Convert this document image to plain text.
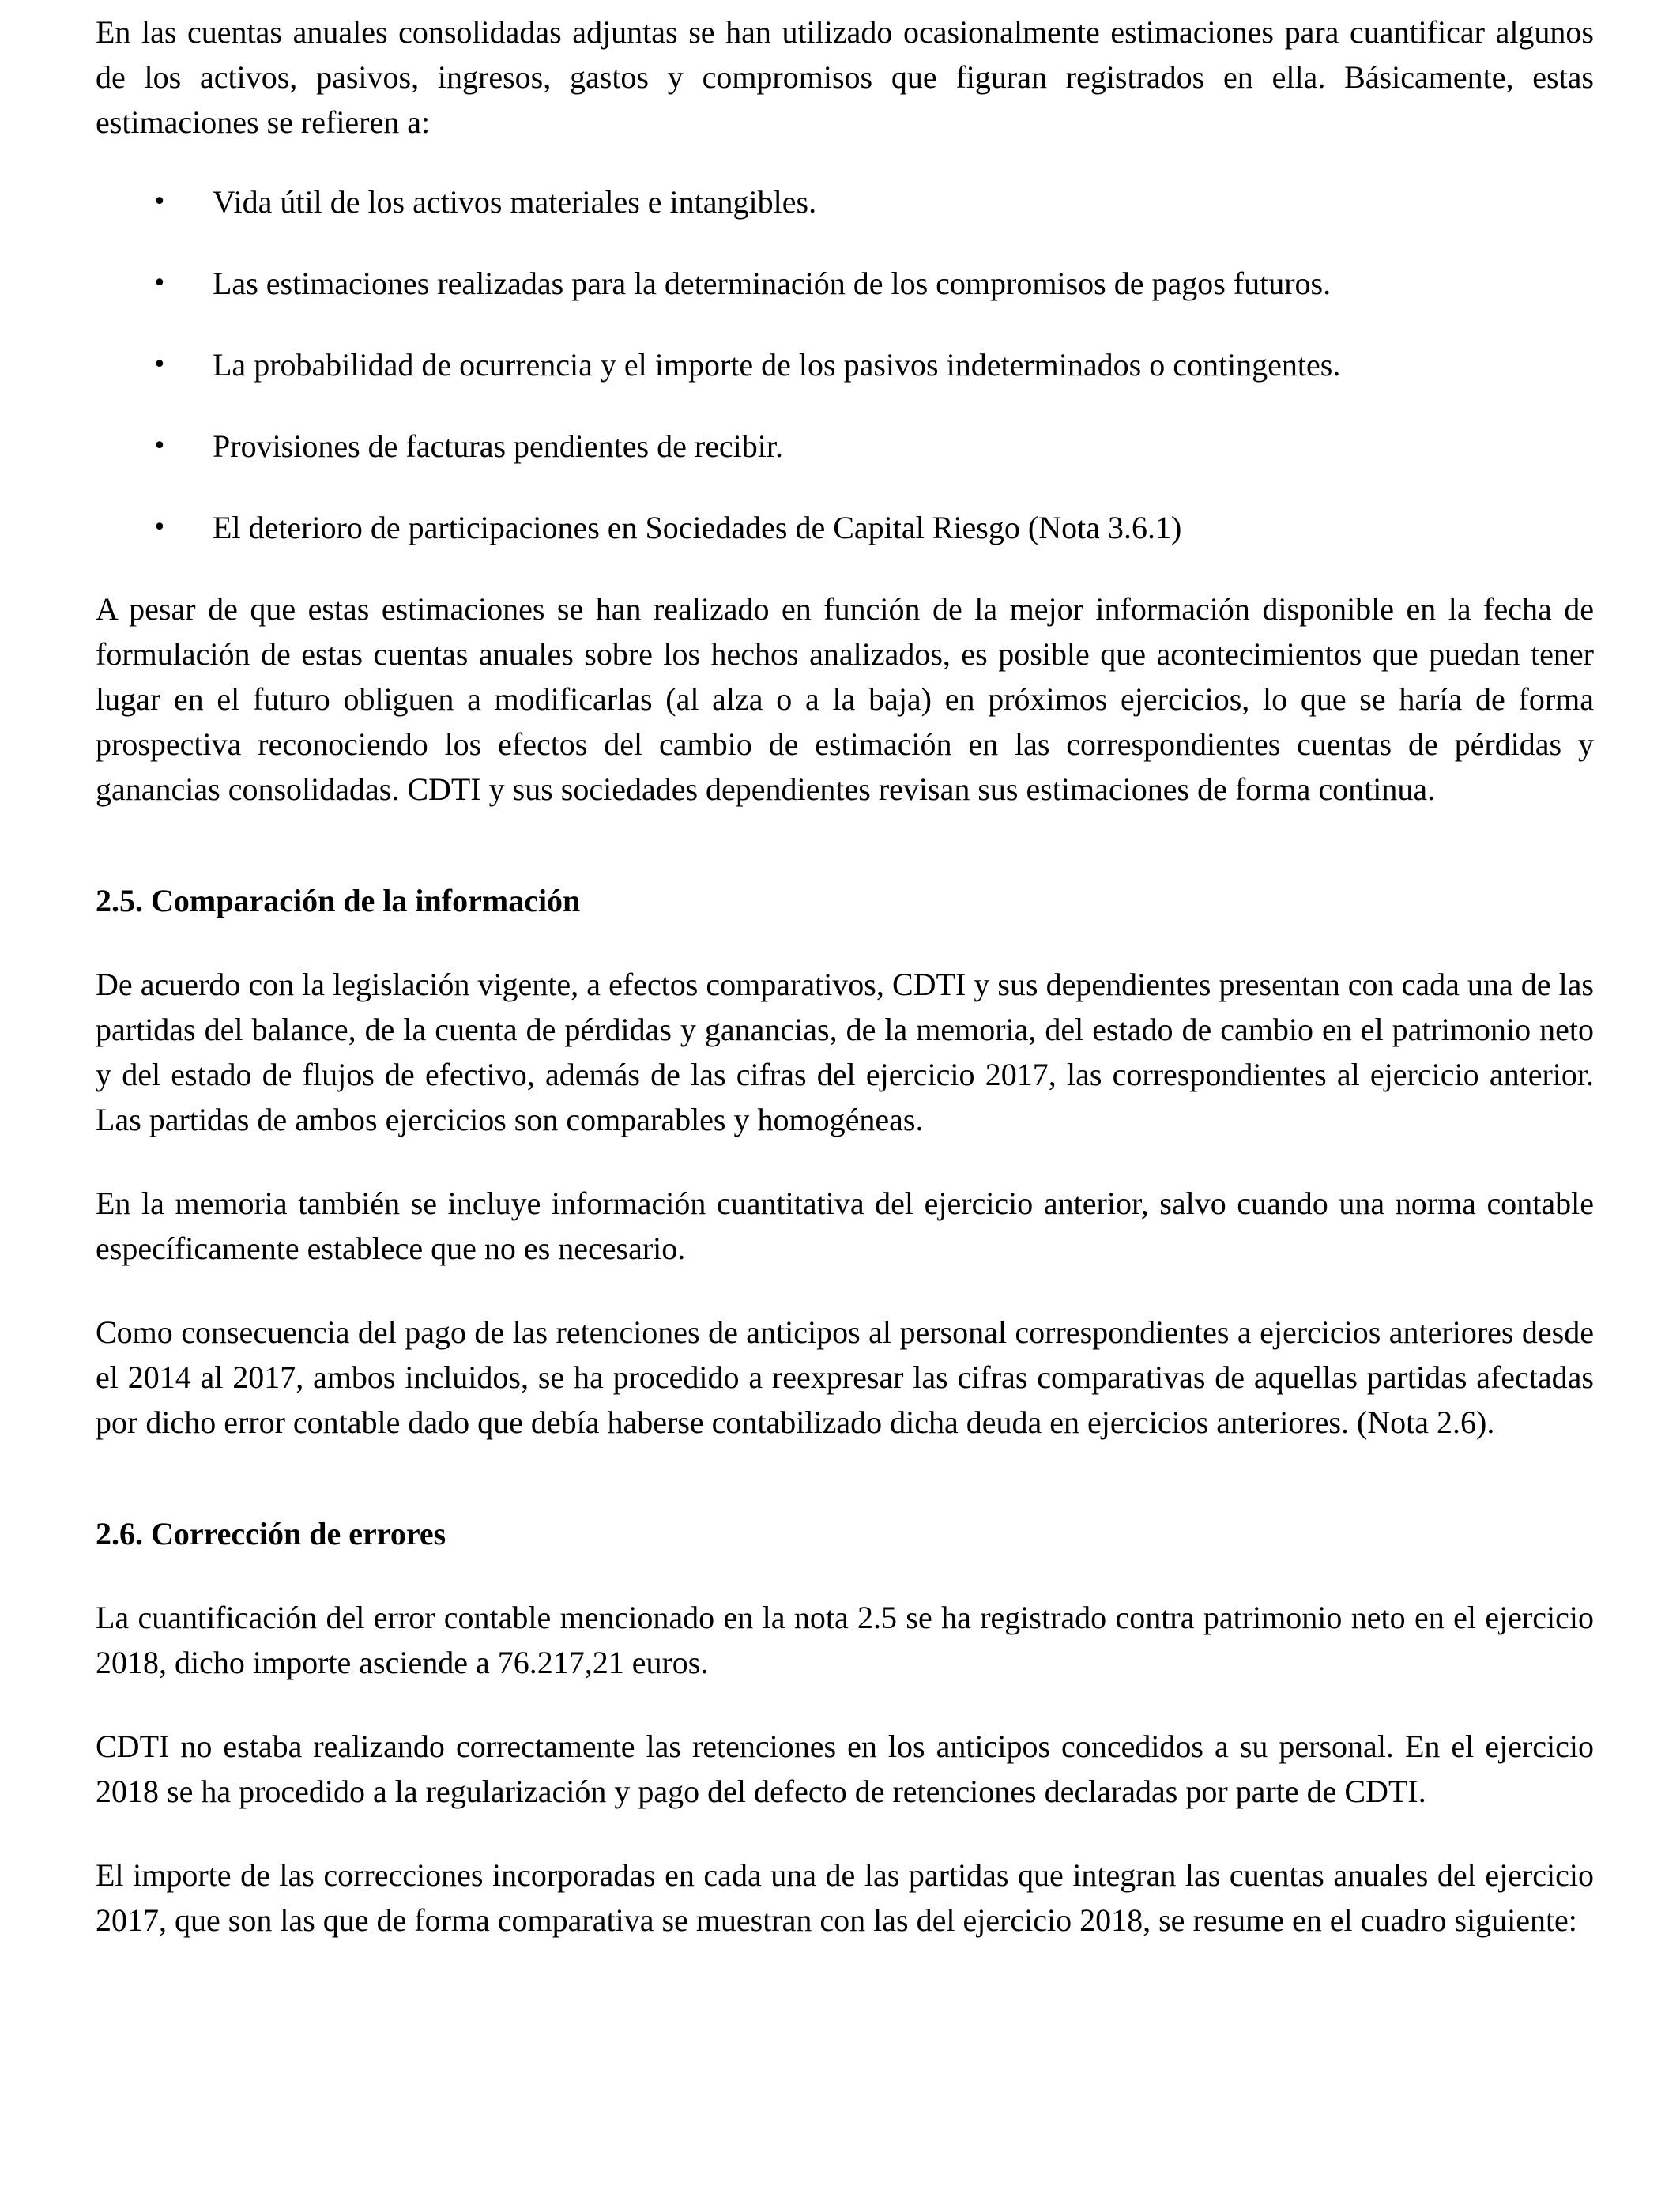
En las cuentas anuales consolidadas adjuntas se han utilizado ocasionalmente estimaciones para cuantificar algunos de los activos, pasivos, ingresos, gastos y compromisos que figuran registrados en ella. Básicamente, estas estimaciones se refieren a:

• Vida útil de los activos materiales e intangibles.
• Las estimaciones realizadas para la determinación de los compromisos de pagos futuros.
• La probabilidad de ocurrencia y el importe de los pasivos indeterminados o contingentes.
• Provisiones de facturas pendientes de recibir.
• El deterioro de participaciones en Sociedades de Capital Riesgo (Nota 3.6.1)

A pesar de que estas estimaciones se han realizado en función de la mejor información disponible en la fecha de formulación de estas cuentas anuales sobre los hechos analizados, es posible que acontecimientos que puedan tener lugar en el futuro obliguen a modificarlas (al alza o a la baja) en próximos ejercicios, lo que se haría de forma prospectiva reconociendo los efectos del cambio de estimación en las correspondientes cuentas de pérdidas y ganancias consolidadas. CDTI y sus sociedades dependientes revisan sus estimaciones de forma continua.

2.5. Comparación de la información

De acuerdo con la legislación vigente, a efectos comparativos, CDTI y sus dependientes presentan con cada una de las partidas del balance, de la cuenta de pérdidas y ganancias, de la memoria, del estado de cambio en el patrimonio neto y del estado de flujos de efectivo, además de las cifras del ejercicio 2017, las correspondientes al ejercicio anterior. Las partidas de ambos ejercicios son comparables y homogéneas.

En la memoria también se incluye información cuantitativa del ejercicio anterior, salvo cuando una norma contable específicamente establece que no es necesario.

Como consecuencia del pago de las retenciones de anticipos al personal correspondientes a ejercicios anteriores desde el 2014 al 2017, ambos incluidos, se ha procedido a reexpresar las cifras comparativas de aquellas partidas afectadas por dicho error contable dado que debía haberse contabilizado dicha deuda en ejercicios anteriores. (Nota 2.6).

2.6. Corrección de errores

La cuantificación del error contable mencionado en la nota 2.5 se ha registrado contra patrimonio neto en el ejercicio 2018, dicho importe asciende a 76.217,21 euros.

CDTI no estaba realizando correctamente las retenciones en los anticipos concedidos a su personal. En el ejercicio 2018 se ha procedido a la regularización y pago del defecto de retenciones declaradas por parte de CDTI.

El importe de las correcciones incorporadas en cada una de las partidas que integran las cuentas anuales del ejercicio 2017, que son las que de forma comparativa se muestran con las del ejercicio 2018, se resume en el cuadro siguiente:
